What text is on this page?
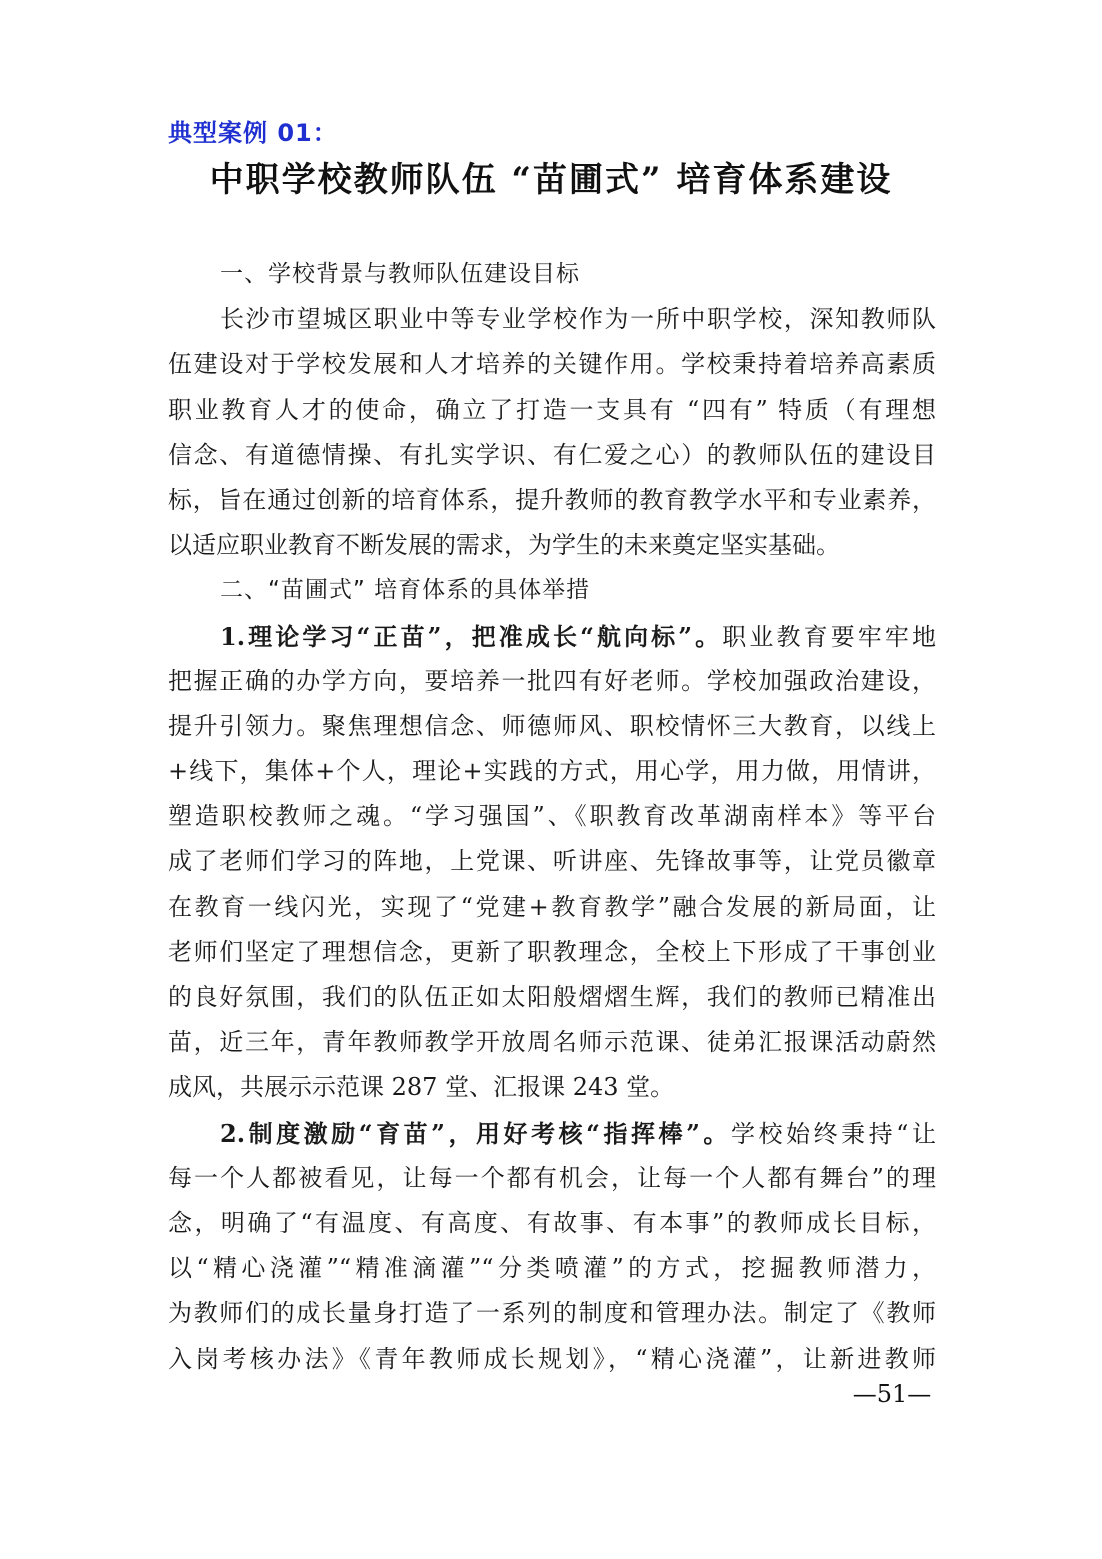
典型案例 01：
中职学校教师队伍 “苗圃式” 培育体系建设
一、学校背景与教师队伍建设目标
长沙市望城区职业中等专业学校作为一所中职学校，深知教师队
伍建设对于学校发展和人才培养的关键作用。学校秉持着培养高素质
职业教育人才的使命，确立了打造一支具有 “四有” 特质（有理想
信念、有道德情操、有扎实学识、有仁爱之心）的教师队伍的建设目
标，旨在通过创新的培育体系，提升教师的教育教学水平和专业素养，
以适应职业教育不断发展的需求，为学生的未来奠定坚实基础。
二、“苗圃式” 培育体系的具体举措
1.理论学习“正苗”，把准成长“航向标”。职业教育要牢牢地
把握正确的办学方向，要培养一批四有好老师。学校加强政治建设，
提升引领力。聚焦理想信念、师德师风、职校情怀三大教育，以线上
+线下，集体+个人，理论+实践的方式，用心学，用力做，用情讲，
塑造职校教师之魂。“学习强国”、《职教育改革湖南样本》等平台
成了老师们学习的阵地，上党课、听讲座、先锋故事等，让党员徽章
在教育一线闪光，实现了“党建+教育教学”融合发展的新局面，让
老师们坚定了理想信念，更新了职教理念，全校上下形成了干事创业
的良好氛围，我们的队伍正如太阳般熠熠生辉，我们的教师已精准出
苗，近三年，青年教师教学开放周名师示范课、徒弟汇报课活动蔚然
成风，共展示示范课 287 堂、汇报课 243 堂。
2.制度激励“育苗”，用好考核“指挥棒”。学校始终秉持“让
每一个人都被看见，让每一个都有机会，让每一个人都有舞台”的理
念，明确了“有温度、有高度、有故事、有本事”的教师成长目标，
以“精心浇灌”“精准滴灌”“分类喷灌”的方式，挖掘教师潜力，
为教师们的成长量身打造了一系列的制度和管理办法。制定了《教师
入岗考核办法》《青年教师成长规划》，“精心浇灌”，让新进教师
—51—
